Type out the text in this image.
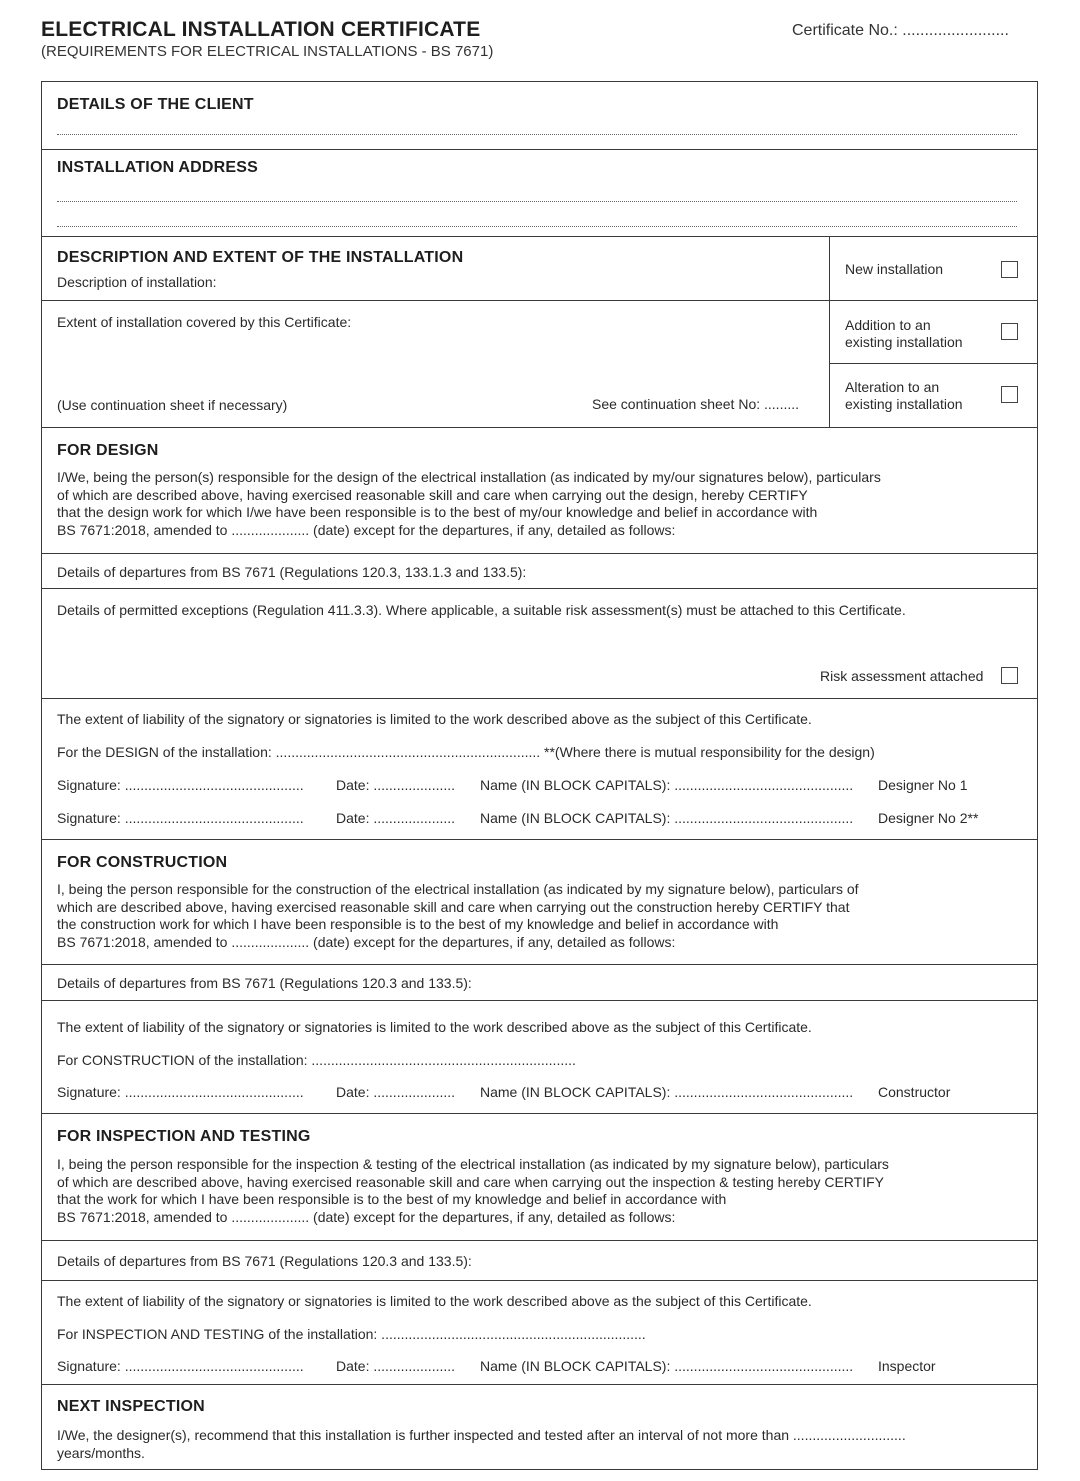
ELECTRICAL INSTALLATION CERTIFICATE
(REQUIREMENTS FOR ELECTRICAL INSTALLATIONS - BS 7671)
Certificate No.: ........................
DETAILS OF THE CLIENT
INSTALLATION ADDRESS
DESCRIPTION AND EXTENT OF THE INSTALLATION
Description of installation:
Extent of installation covered by this Certificate:
(Use continuation sheet if necessary)	See continuation sheet No: .........
New installation
Addition to an
existing installation
Alteration to an
existing installation
FOR DESIGN
I/We, being the person(s) responsible for the design of the electrical installation (as indicated by my/our signatures below), particulars
of which are described above, having exercised reasonable skill and care when carrying out the design, hereby CERTIFY
that the design work for which I/we have been responsible is to the best of my/our knowledge and belief in accordance with
BS 7671:2018, amended to .................... (date) except for the departures, if any, detailed as follows:
Details of departures from BS 7671 (Regulations 120.3, 133.1.3 and 133.5):
Details of permitted exceptions (Regulation 411.3.3). Where applicable, a suitable risk assessment(s) must be attached to this Certificate.
Risk assessment attached
The extent of liability of the signatory or signatories is limited to the work described above as the subject of this Certificate.
For the DESIGN of the installation: .................................................................... **(Where there is mutual responsibility for the design)
Signature: .............................................. Date: ..................... Name (IN BLOCK CAPITALS): .............................................. Designer No 1
Signature: .............................................. Date: ..................... Name (IN BLOCK CAPITALS): .............................................. Designer No 2**
FOR CONSTRUCTION
I, being the person responsible for the construction of the electrical installation (as indicated by my signature below), particulars of
which are described above, having exercised reasonable skill and care when carrying out the construction hereby CERTIFY that
the construction work for which I have been responsible is to the best of my knowledge and belief in accordance with
BS 7671:2018, amended to .................... (date) except for the departures, if any, detailed as follows:
Details of departures from BS 7671 (Regulations 120.3 and 133.5):
The extent of liability of the signatory or signatories is limited to the work described above as the subject of this Certificate.
For CONSTRUCTION of the installation: ....................................................................
Signature: .............................................. Date: ..................... Name (IN BLOCK CAPITALS): .............................................. Constructor
FOR INSPECTION AND TESTING
I, being the person responsible for the inspection & testing of the electrical installation (as indicated by my signature below), particulars
of which are described above, having exercised reasonable skill and care when carrying out the inspection & testing hereby CERTIFY
that the work for which I have been responsible is to the best of my knowledge and belief in accordance with
BS 7671:2018, amended to .................... (date) except for the departures, if any, detailed as follows:
Details of departures from BS 7671 (Regulations 120.3 and 133.5):
The extent of liability of the signatory or signatories is limited to the work described above as the subject of this Certificate.
For INSPECTION AND TESTING of the installation: ....................................................................
Signature: .............................................. Date: ..................... Name (IN BLOCK CAPITALS): .............................................. Inspector
NEXT INSPECTION
I/We, the designer(s), recommend that this installation is further inspected and tested after an interval of not more than .............................
years/months.
